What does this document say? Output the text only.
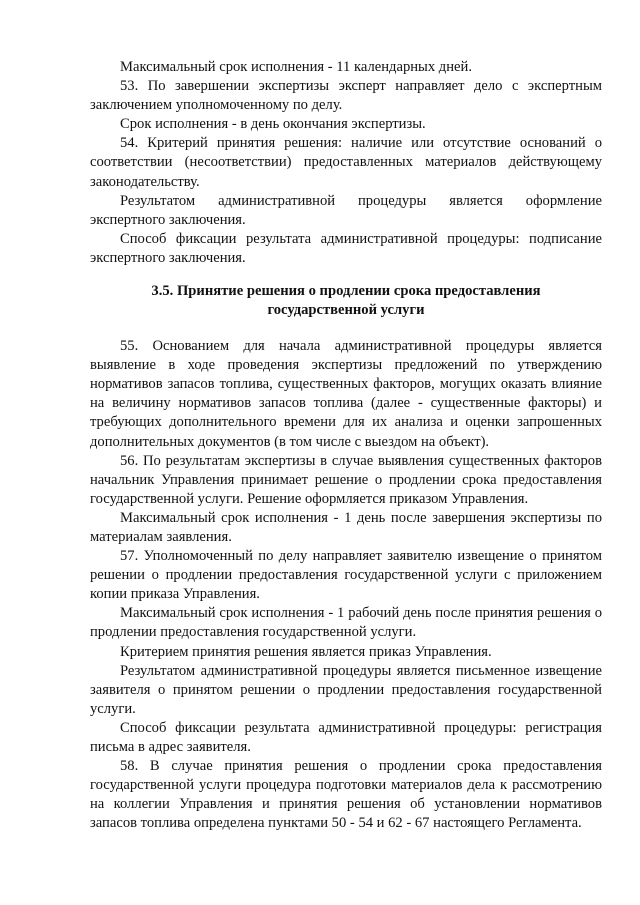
Максимальный срок исполнения - 11 календарных дней.

53. По завершении экспертизы эксперт направляет дело с экспертным заключением уполномоченному по делу.

Срок исполнения - в день окончания экспертизы.

54. Критерий принятия решения: наличие или отсутствие оснований о соответствии (несоответствии) предоставленных материалов действующему законодательству.

Результатом административной процедуры является оформление экспертного заключения.

Способ фиксации результата административной процедуры: подписание экспертного заключения.

3.5. Принятие решения о продлении срока предоставления
государственной услуги

55. Основанием для начала административной процедуры является выявление в ходе проведения экспертизы предложений по утверждению нормативов запасов топлива, существенных факторов, могущих оказать влияние на величину нормативов запасов топлива (далее - существенные факторы) и требующих дополнительного времени для их анализа и оценки запрошенных дополнительных документов (в том числе с выездом на объект).

56. По результатам экспертизы в случае выявления существенных факторов начальник Управления принимает решение о продлении срока предоставления государственной услуги. Решение оформляется приказом Управления.

Максимальный срок исполнения - 1 день после завершения экспертизы по материалам заявления.

57. Уполномоченный по делу направляет заявителю извещение о принятом решении о продлении предоставления государственной услуги с приложением копии приказа Управления.

Максимальный срок исполнения - 1 рабочий день после принятия решения о продлении предоставления государственной услуги.

Критерием принятия решения является приказ Управления.

Результатом административной процедуры является письменное извещение заявителя о принятом решении о продлении предоставления государственной услуги.

Способ фиксации результата административной процедуры: регистрация письма в адрес заявителя.

58. В случае принятия решения о продлении срока предоставления государственной услуги процедура подготовки материалов дела к рассмотрению на коллегии Управления и принятия решения об установлении нормативов запасов топлива определена пунктами 50 - 54 и 62 - 67 настоящего Регламента.
